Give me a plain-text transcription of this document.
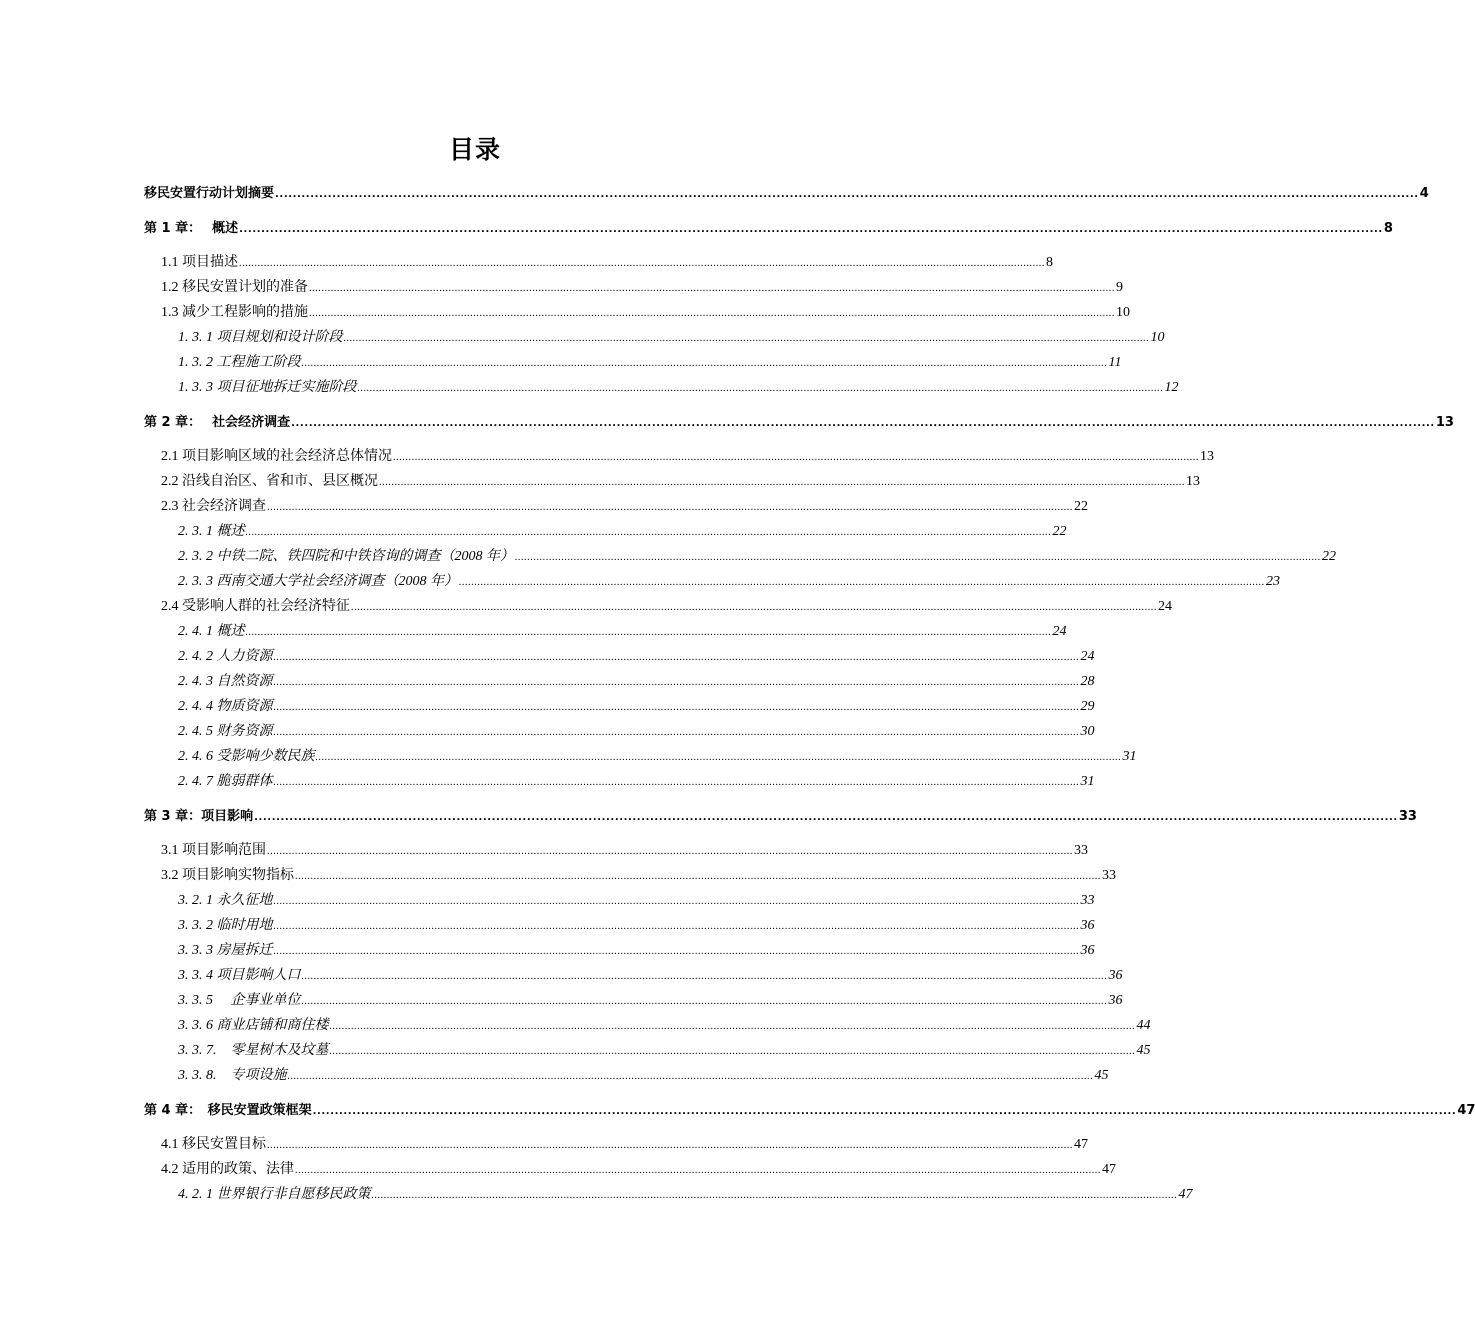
目录
移民安置行动计划摘要 .................................................................................................................................................................................................................................................................... 4
第 1 章：　 概述 .................................................................................................................................................................................................................................................................... 8
1.1 项目描述 .................................................................................................................................................................................................................................................................... 8
1.2 移民安置计划的准备 .................................................................................................................................................................................................................................................................... 9
1.3 减少工程影响的措施 .................................................................................................................................................................................................................................................................... 10
1. 3. 1 项目规划和设计阶段 .................................................................................................................................................................................................................................................................... 10
1. 3. 2 工程施工阶段 .................................................................................................................................................................................................................................................................... 11
1. 3. 3 项目征地拆迁实施阶段 .................................................................................................................................................................................................................................................................... 12
第 2 章：　 社会经济调查 .................................................................................................................................................................................................................................................................... 13
2.1 项目影响区域的社会经济总体情况 .................................................................................................................................................................................................................................................................... 13
2.2 沿线自治区、省和市、县区概况 .................................................................................................................................................................................................................................................................... 13
2.3 社会经济调查 .................................................................................................................................................................................................................................................................... 22
2. 3. 1 概述 .................................................................................................................................................................................................................................................................... 22
2. 3. 2 中铁二院、铁四院和中铁咨询的调查（2008 年） .................................................................................................................................................................................................................................................................... 22
2. 3. 3 西南交通大学社会经济调查（2008 年） .................................................................................................................................................................................................................................................................... 23
2.4 受影响人群的社会经济特征 .................................................................................................................................................................................................................................................................... 24
2. 4. 1 概述 .................................................................................................................................................................................................................................................................... 24
2. 4. 2 人力资源 .................................................................................................................................................................................................................................................................... 24
2. 4. 3 自然资源 .................................................................................................................................................................................................................................................................... 28
2. 4. 4 物质资源 .................................................................................................................................................................................................................................................................... 29
2. 4. 5 财务资源 .................................................................................................................................................................................................................................................................... 30
2. 4. 6 受影响少数民族 .................................................................................................................................................................................................................................................................... 31
2. 4. 7 脆弱群体 .................................................................................................................................................................................................................................................................... 31
第 3 章：项目影响 .................................................................................................................................................................................................................................................................... 33
3.1 项目影响范围 .................................................................................................................................................................................................................................................................... 33
3.2 项目影响实物指标 .................................................................................................................................................................................................................................................................... 33
3. 2. 1 永久征地 .................................................................................................................................................................................................................................................................... 33
3. 3. 2 临时用地 .................................................................................................................................................................................................................................................................... 36
3. 3. 3 房屋拆迁 .................................................................................................................................................................................................................................................................... 36
3. 3. 4 项目影响人口 .................................................................................................................................................................................................................................................................... 36
3. 3. 5　 企事业单位 .................................................................................................................................................................................................................................................................... 36
3. 3. 6 商业店铺和商住楼 .................................................................................................................................................................................................................................................................... 44
3. 3. 7.　零星树木及坟墓 .................................................................................................................................................................................................................................................................... 45
3. 3. 8.　专项设施 .................................................................................................................................................................................................................................................................... 45
第 4 章：　移民安置政策框架 .................................................................................................................................................................................................................................................................... 47
4.1 移民安置目标 .................................................................................................................................................................................................................................................................... 47
4.2 适用的政策、法律 .................................................................................................................................................................................................................................................................... 47
4. 2. 1 世界银行非自愿移民政策 .................................................................................................................................................................................................................................................................... 47
